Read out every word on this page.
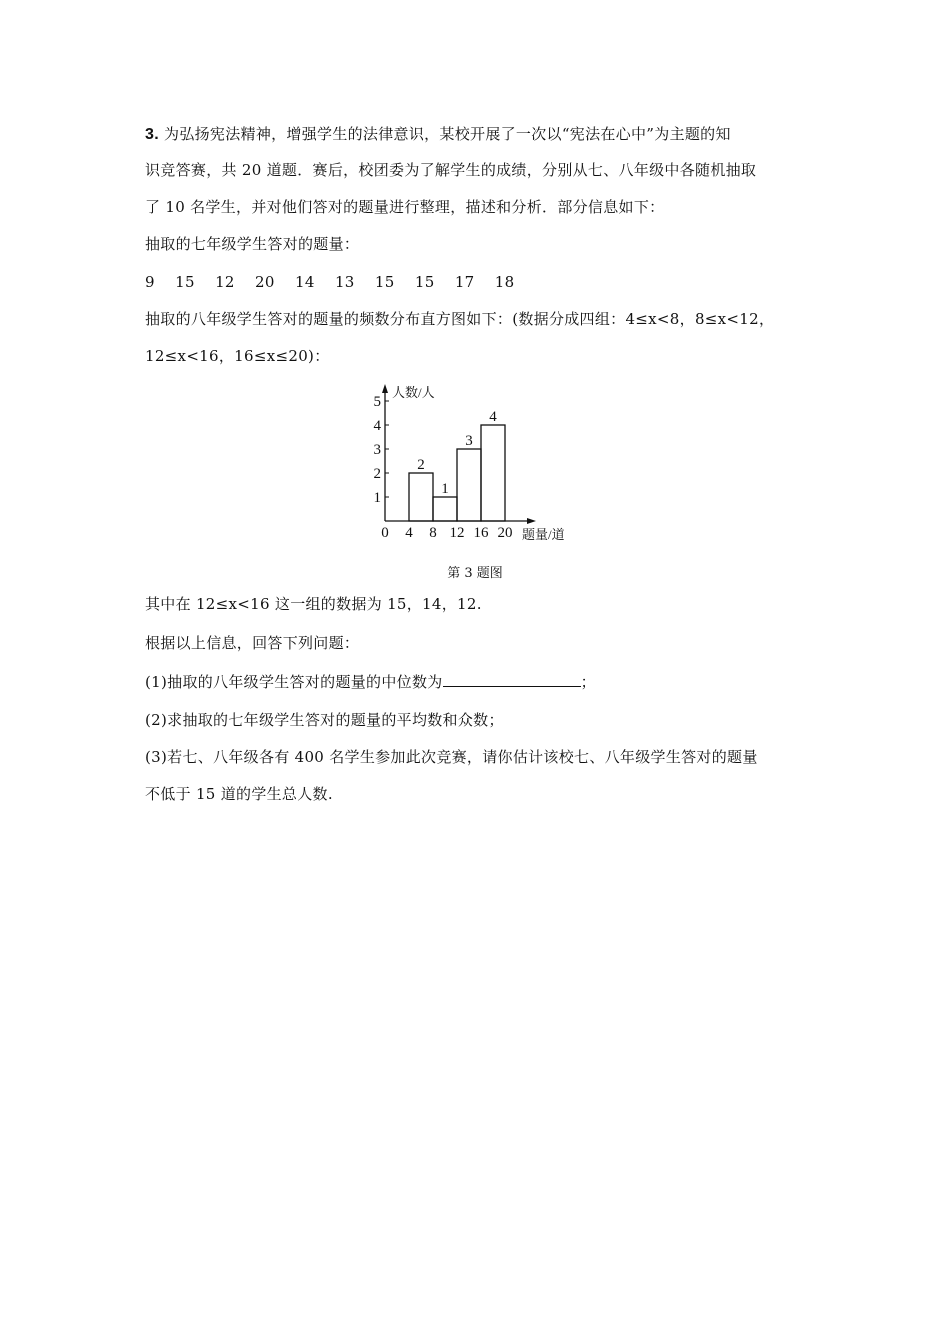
3. 为弘扬宪法精神，增强学生的法律意识，某校开展了一次以“宪法在心中”为主题的知
识竞答赛，共 20 道题．赛后，校团委为了解学生的成绩，分别从七、八年级中各随机抽取
了 10 名学生，并对他们答对的题量进行整理，描述和分析．部分信息如下：
抽取的七年级学生答对的题量：
9    15    12    20    14    13    15    15    17    18
抽取的八年级学生答对的题量的频数分布直方图如下：(数据分成四组：4≤x<8，8≤x<12，
12≤x<16，16≤x≤20)：
1
2
3
4
5
0 4 8 12 16 20
2
1
3
4
人数/人
题量/道
第 3 题图
其中在 12≤x<16 这一组的数据为 15，14，12.
根据以上信息，回答下列问题：
(1)抽取的八年级学生答对的题量的中位数为	；
(2)求抽取的七年级学生答对的题量的平均数和众数；
(3)若七、八年级各有 400 名学生参加此次竞赛，请你估计该校七、八年级学生答对的题量
不低于 15 道的学生总人数.
